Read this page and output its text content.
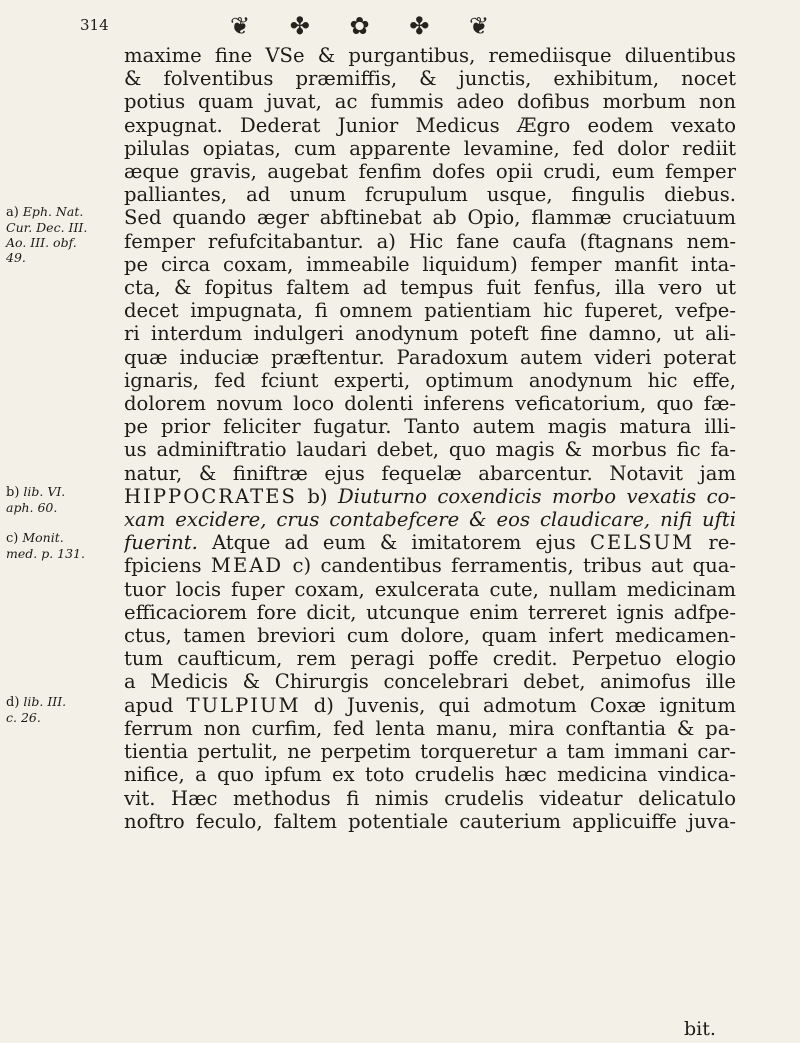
314	❦ ✤ ✿ ✤ ❦
a) Eph. Nat.
Cur. Dec. III.
Ao. III. obf.
49.
b) lib. VI.
aph. 60.
c) Monit.
med. p. 131.
d) lib. III.
c. 26.
maxime fine VSe & purgantibus, remediisque diluentibus
& folventibus præmiffis, & junctis, exhibitum, nocet
potius quam juvat, ac fummis adeo dofibus morbum non
expugnat. Dederat Junior Medicus Ægro eodem vexato
pilulas opiatas, cum apparente levamine, fed dolor rediit
æque gravis, augebat fenfim dofes opii crudi, eum femper
palliantes, ad unum fcrupulum usque, fingulis diebus.
Sed quando æger abftinebat ab Opio, flammæ cruciatuum
femper refufcitabantur. a) Hic fane caufa (ftagnans nem-
pe circa coxam, immeabile liquidum) femper manfit inta-
cta, & fopitus faltem ad tempus fuit fenfus, illa vero ut
decet impugnata, fi omnem patientiam hic fuperet, vefpe-
ri interdum indulgeri anodynum poteft fine damno, ut ali-
quæ induciæ præftentur. Paradoxum autem videri poterat
ignaris, fed fciunt experti, optimum anodynum hic effe,
dolorem novum loco dolenti inferens veficatorium, quo fæ-
pe prior feliciter fugatur. Tanto autem magis matura illi-
us adminiftratio laudari debet, quo magis & morbus fic fa-
natur, & finiftræ ejus fequelæ abarcentur. Notavit jam
HIPPOCRATES b) Diuturno coxendicis morbo vexatis co-
xam excidere, crus contabefcere & eos claudicare, nifi ufti
fuerint. Atque ad eum & imitatorem ejus CELSUM re-
fpiciens MEAD c) candentibus ferramentis, tribus aut qua-
tuor locis fuper coxam, exulcerata cute, nullam medicinam
efficaciorem fore dicit, utcunque enim terreret ignis adfpe-
ctus, tamen breviori cum dolore, quam infert medicamen-
tum caufticum, rem peragi poffe credit. Perpetuo elogio
a Medicis & Chirurgis concelebrari debet, animofus ille
apud TULPIUM d) Juvenis, qui admotum Coxæ ignitum
ferrum non curfim, fed lenta manu, mira conftantia & pa-
tientia pertulit, ne perpetim torqueretur a tam immani car-
nifice, a quo ipfum ex toto crudelis hæc medicina vindica-
vit. Hæc methodus fi nimis crudelis videatur delicatulo
noftro feculo, faltem potentiale cauterium applicuiffe juva-
bit.
